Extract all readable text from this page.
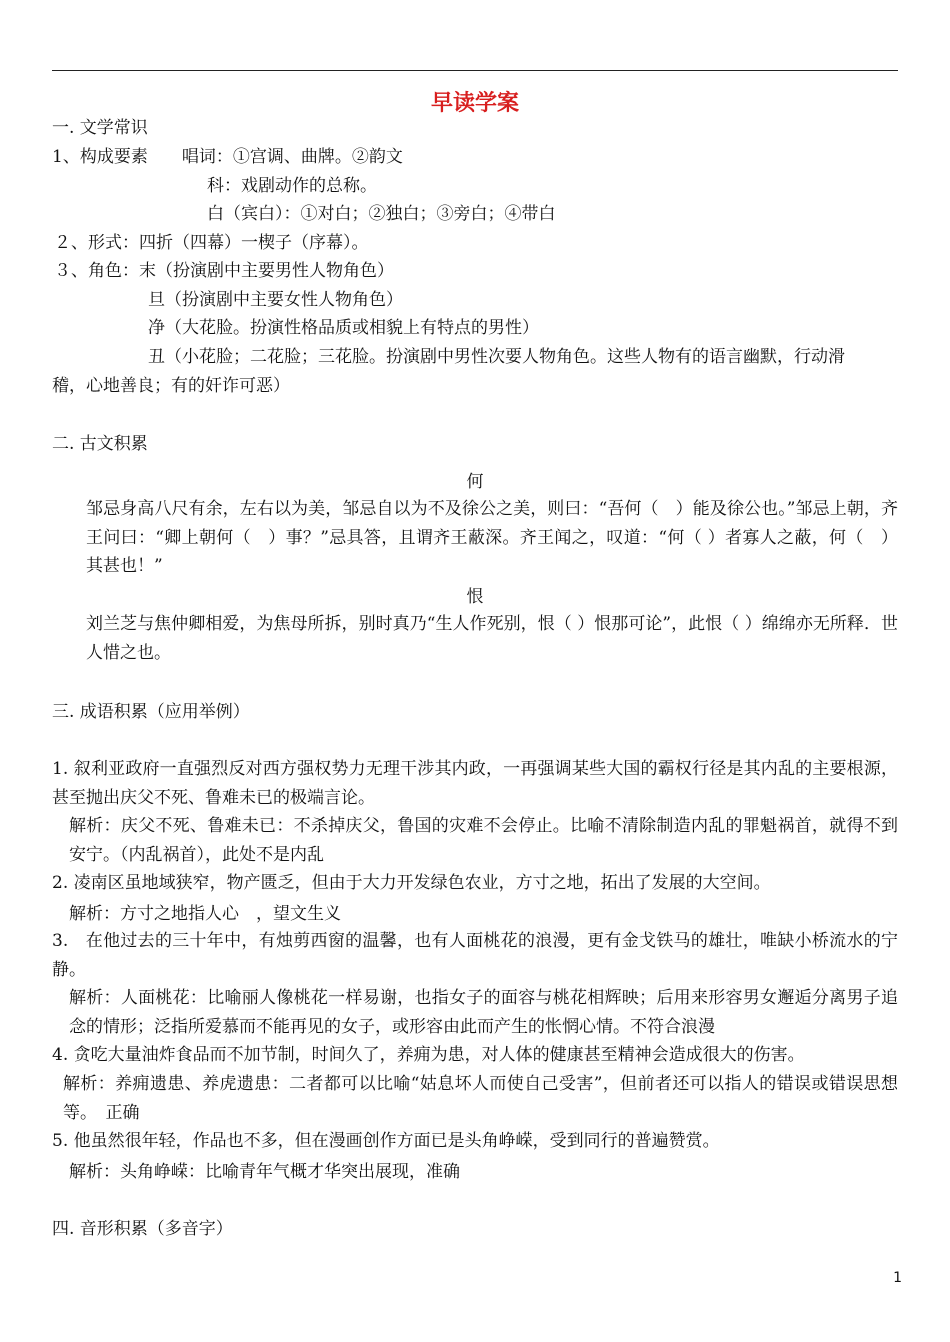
早读学案
一. 文学常识
1、构成要素　　唱词：①宫调、曲牌。②韵文
科：戏剧动作的总称。
白（宾白）：①对白；②独白；③旁白；④带白
２、形式：四折（四幕）一楔子（序幕）。
３、角色：末（扮演剧中主要男性人物角色）
旦（扮演剧中主要女性人物角色）
净（大花脸。扮演性格品质或相貌上有特点的男性）
丑（小花脸；二花脸；三花脸。扮演剧中男性次要人物角色。这些人物有的语言幽默，行动滑
稽，心地善良；有的奸诈可恶）
二. 古文积累
何
邹忌身高八尺有余，左右以为美，邹忌自以为不及徐公之美，则曰：“吾何（　）能及徐公也。”邹忌上朝，齐王问曰：“卿上朝何（　）事？”忌具答，且谓齐王蔽深。齐王闻之，叹道：“何（ ）者寡人之蔽，何（　）其甚也！”
恨
刘兰芝与焦仲卿相爱，为焦母所拆，别时真乃“生人作死别，恨（ ）恨那可论”，此恨（ ）绵绵亦无所释．世人惜之也。
三. 成语积累（应用举例）
1. 叙利亚政府一直强烈反对西方强权势力无理干涉其内政，一再强调某些大国的霸权行径是其内乱的主要根源，甚至抛出庆父不死、鲁难未已的极端言论。
解析：庆父不死、鲁难未已：不杀掉庆父，鲁国的灾难不会停止。比喻不清除制造内乱的罪魁祸首，就得不到安宁。（内乱祸首），此处不是内乱
2. 凌南区虽地域狭窄，物产匮乏，但由于大力开发绿色农业，方寸之地，拓出了发展的大空间。
解析：方寸之地指人心　，望文生义
3.　在他过去的三十年中，有烛剪西窗的温馨，也有人面桃花的浪漫，更有金戈铁马的雄壮，唯缺小桥流水的宁静。
解析：人面桃花：比喻丽人像桃花一样易谢，也指女子的面容与桃花相辉映；后用来形容男女邂逅分离男子追念的情形；泛指所爱慕而不能再见的女子，或形容由此而产生的怅惘心情。不符合浪漫
4. 贪吃大量油炸食品而不加节制，时间久了，养痈为患，对人体的健康甚至精神会造成很大的伤害。
解析：养痈遗患、养虎遗患：二者都可以比喻“姑息坏人而使自己受害”，但前者还可以指人的错误或错误思想等。　正确
5. 他虽然很年轻，作品也不多，但在漫画创作方面已是头角峥嵘，受到同行的普遍赞赏。
解析：头角峥嵘：比喻青年气概才华突出展现，准确
四. 音形积累（多音字）
1
